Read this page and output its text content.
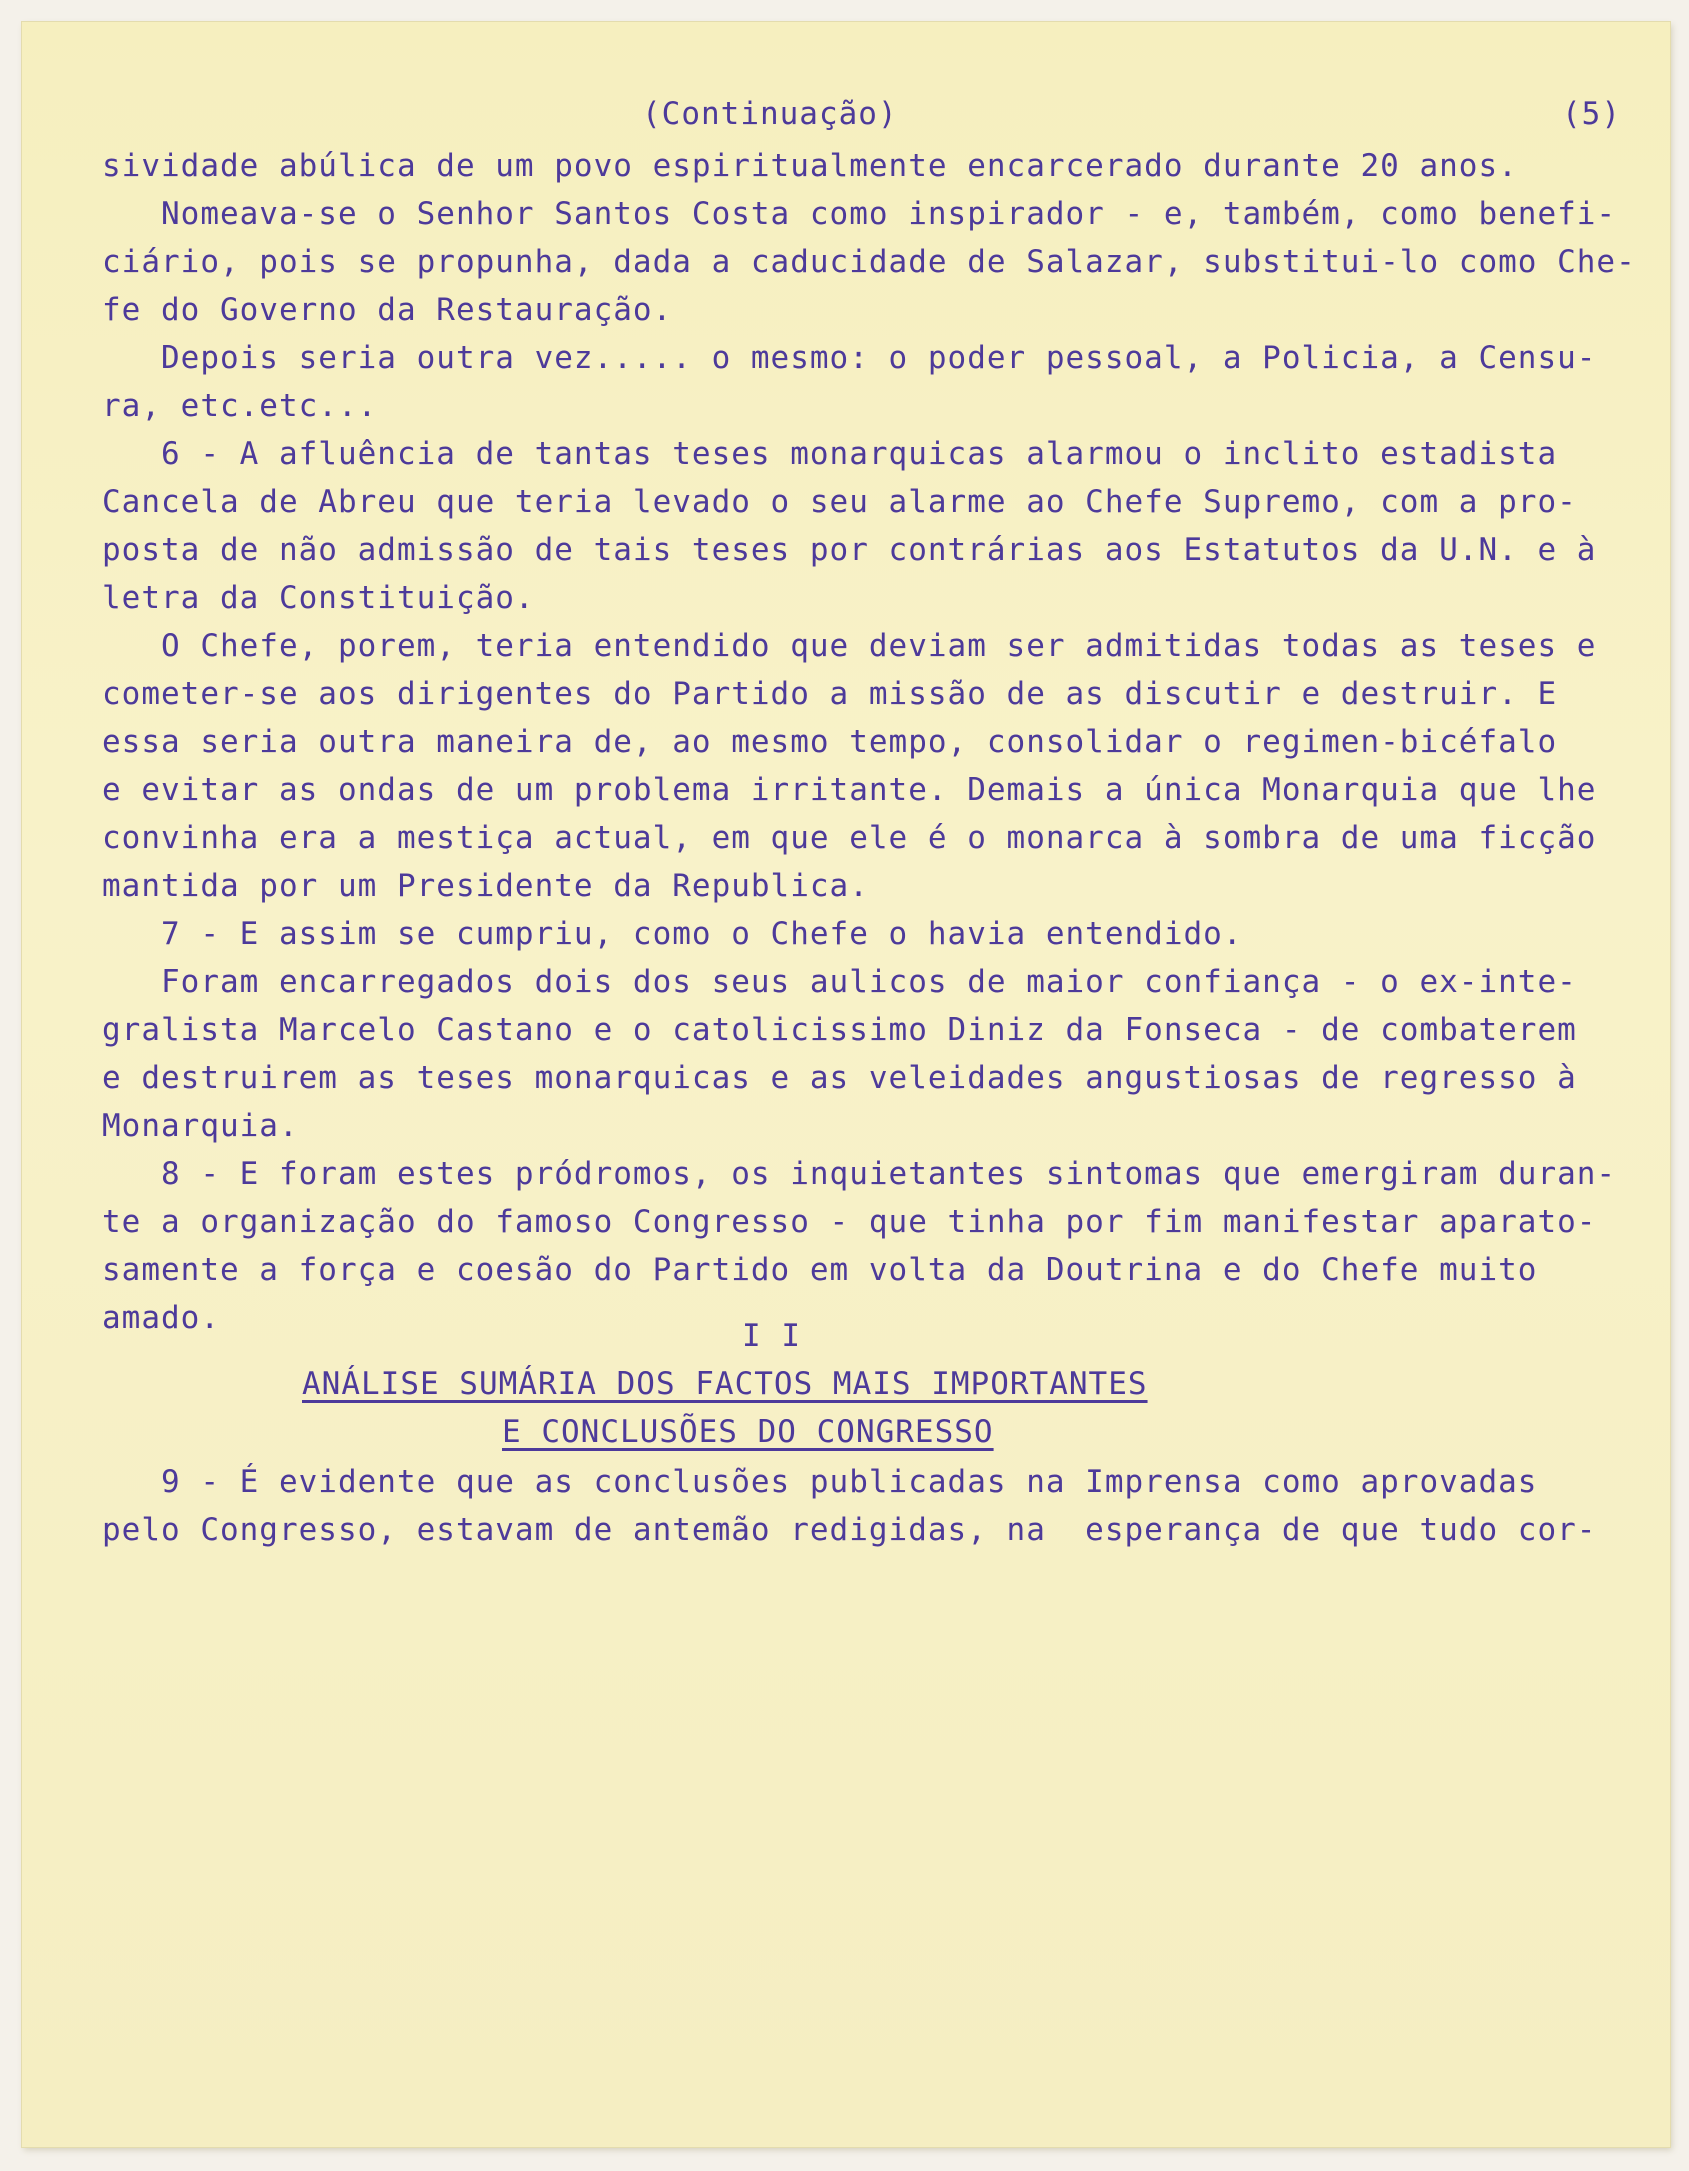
(Continuação)	(5)
sividade abúlica de um povo espiritualmente encarcerado durante 20 anos.
Nomeava-se o Senhor Santos Costa como inspirador - e, também, como benefi-
ciário, pois se propunha, dada a caducidade de Salazar, substitui-lo como Che-
fe do Governo da Restauração.
Depois seria outra vez..... o mesmo: o poder pessoal, a Policia, a Censu-
ra, etc.etc...
6 - A afluência de tantas teses monarquicas alarmou o inclito estadista
Cancela de Abreu que teria levado o seu alarme ao Chefe Supremo, com a pro-
posta de não admissão de tais teses por contrárias aos Estatutos da U.N. e à
letra da Constituição.
O Chefe, porem, teria entendido que deviam ser admitidas todas as teses e
cometer-se aos dirigentes do Partido a missão de as discutir e destruir. E
essa seria outra maneira de, ao mesmo tempo, consolidar o regimen-bicéfalo
e evitar as ondas de um problema irritante. Demais a única Monarquia que lhe
convinha era a mestiça actual, em que ele é o monarca à sombra de uma ficção
mantida por um Presidente da Republica.
7 - E assim se cumpriu, como o Chefe o havia entendido.
Foram encarregados dois dos seus aulicos de maior confiança - o ex-inte-
gralista Marcelo Castano e o catolicissimo Diniz da Fonseca - de combaterem
e destruirem as teses monarquicas e as veleidades angustiosas de regresso à
Monarquia.
8 - E foram estes pródromos, os inquietantes sintomas que emergiram duran-
te a organização do famoso Congresso - que tinha por fim manifestar aparato-
samente a força e coesão do Partido em volta da Doutrina e do Chefe muito
amado.	I I
ANÁLISE SUMÁRIA DOS FACTOS MAIS IMPORTANTES
E CONCLUSÕES DO CONGRESSO
9 - É evidente que as conclusões publicadas na Imprensa como aprovadas
pelo Congresso, estavam de antemão redigidas, na  esperança de que tudo cor-
